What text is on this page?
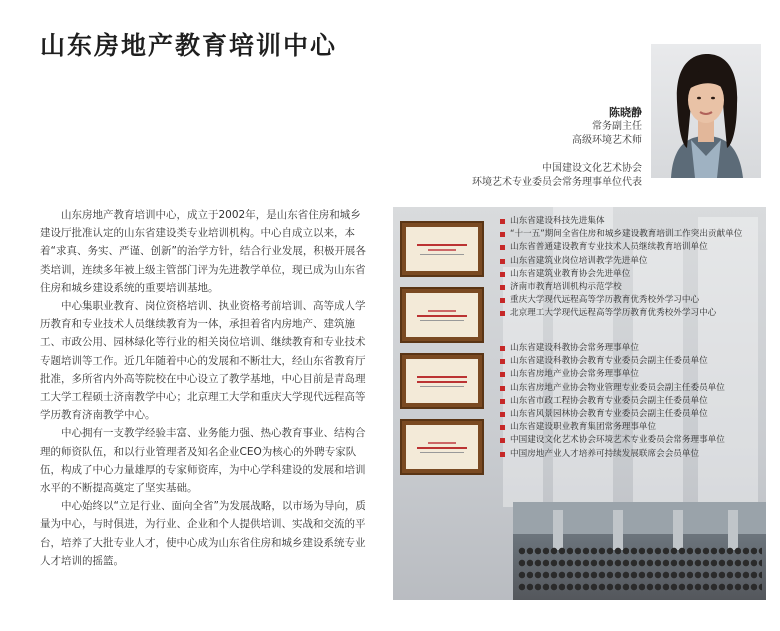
山东房地产教育培训中心
陈晓静
常务副主任
高级环境艺术师
中国建设文化艺术协会
环境艺术专业委员会常务理事单位代表

山东房地产教育培训中心，成立于2002年，是山东省住房和城乡建设厅批准认定的山东省建设类专业培训机构。中心自成立以来，本着“求真、务实、严谨、创新”的治学方针，结合行业发展，积极开展各类培训，连续多年被上级主管部门评为先进教学单位，现已成为山东省住房和城乡建设系统的重要培训基地。

中心集职业教育、岗位资格培训、执业资格考前培训、高等成人学历教育和专业技术人员继续教育为一体，承担着省内房地产、建筑施工、市政公用、园林绿化等行业的相关岗位培训、继续教育和专业技术专题培训等工作。近几年随着中心的发展和不断壮大，经山东省教育厅批准，多所省内外高等院校在中心设立了教学基地，中心目前是青岛理工大学工程硕士济南教学中心；北京理工大学和重庆大学现代远程高等学历教育济南教学中心。

中心拥有一支教学经验丰富、业务能力强、热心教育事业、结构合理的师资队伍，和以行业管理者及知名企业CEO为核心的外聘专家队伍，构成了中心力量雄厚的专家师资库，为中心学科建设的发展和培训水平的不断提高奠定了坚实基础。

中心始终以“立足行业、面向全省”为发展战略，以市场为导向，质量为中心，与时俱进，为行业、企业和个人提供培训、实战和交流的平台，培养了大批专业人才，使中心成为山东省住房和城乡建设系统专业人才培训的摇篮。

山东省建设科技先进集体
“十一五”期间全省住房和城乡建设教育培训工作突出贡献单位
山东省普通建设教育专业技术人员继续教育培训单位
山东省建筑业岗位培训教学先进单位
山东省建筑业教育协会先进单位
济南市教育培训机构示范学校
重庆大学现代远程高等学历教育优秀校外学习中心
北京理工大学现代远程高等学历教育优秀校外学习中心
山东省建设科教协会常务理事单位
山东省建设科教协会教育专业委员会副主任委员单位
山东省房地产业协会常务理事单位
山东省房地产业协会物业管理专业委员会副主任委员单位
山东省市政工程协会教育专业委员会副主任委员单位
山东省风景园林协会教育专业委员会副主任委员单位
山东省建设职业教育集团常务理事单位
中国建设文化艺术协会环境艺术专业委员会常务理事单位
中国房地产业人才培养可持续发展联席会会员单位
